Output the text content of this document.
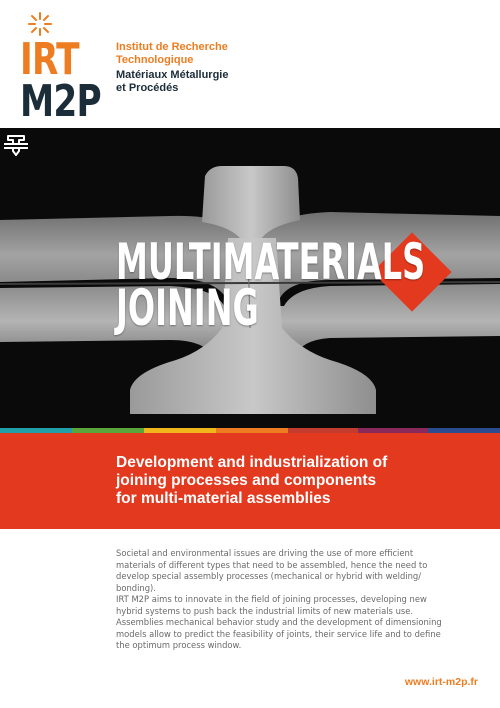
IRT
M2P
Institut de Recherche
Technologique
Matériaux Métallurgie
et Procédés
MULTIMATERIALS
JOINING
Development and industrialization of
joining processes and components
for multi-material assemblies
Societal and environmental issues are driving the use of more efficient materials of different types that need to be assembled, hence the need to develop special assembly processes (mechanical or hybrid with welding/ bonding).
IRT M2P aims to innovate in the field of joining processes, developing new hybrid systems to push back the industrial limits of new materials use. Assemblies mechanical behavior study and the development of dimensioning models allow to predict the feasibility of joints, their service life and to define the optimum process window.
www.irt-m2p.fr
